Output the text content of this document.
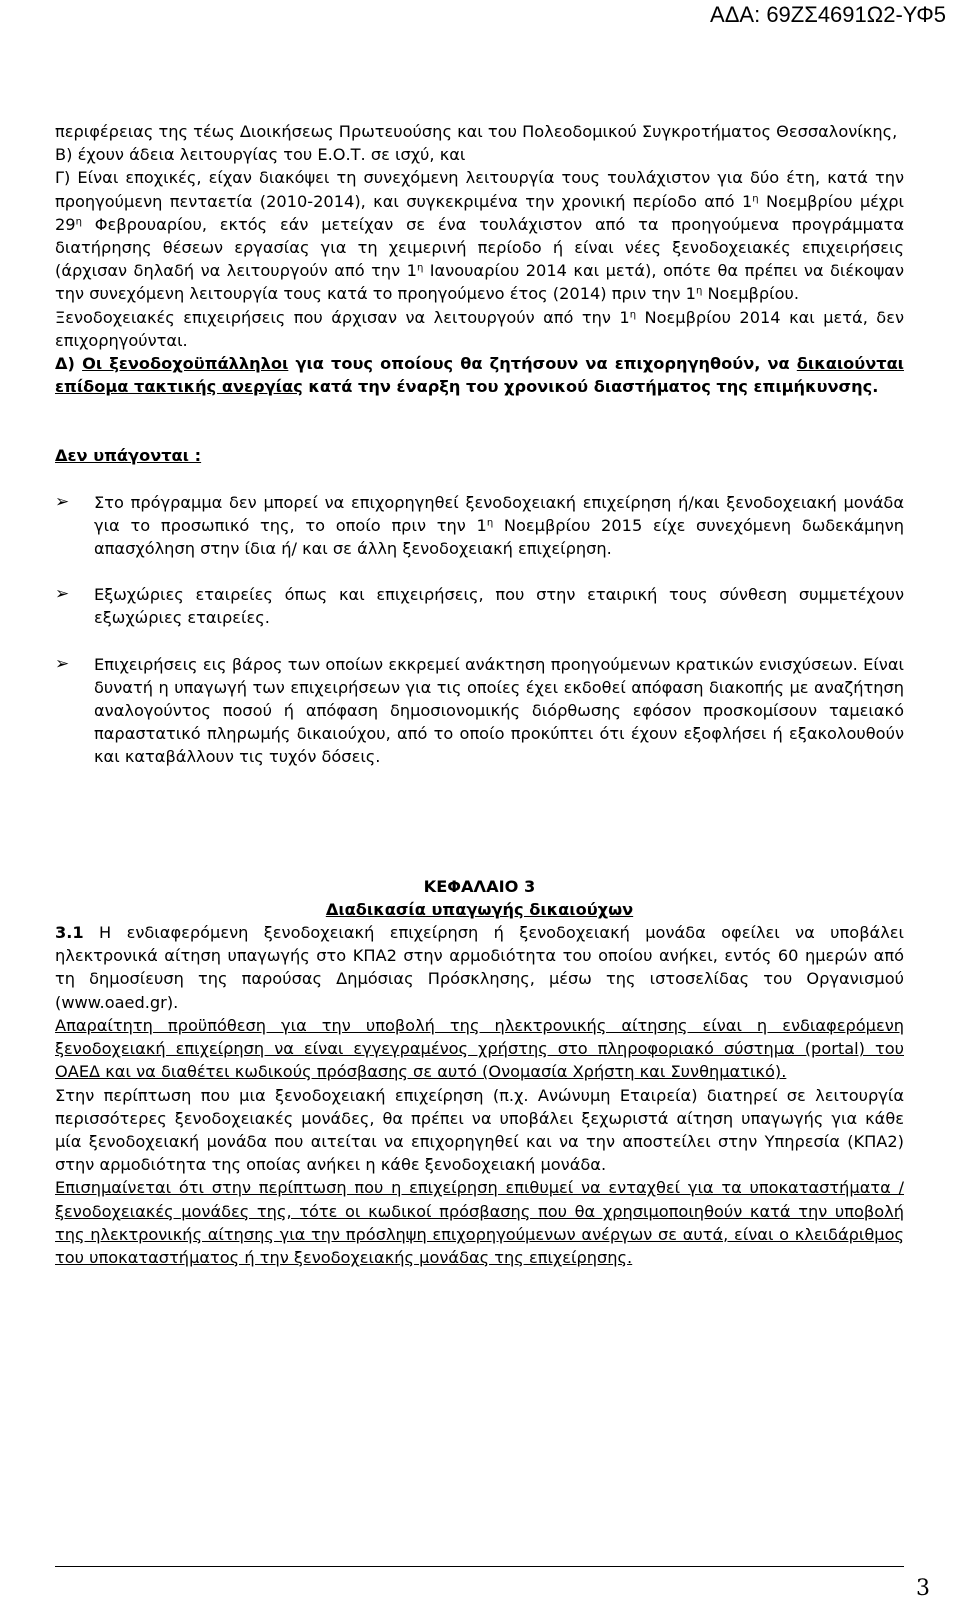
ΑΔΑ: 69ΖΣ4691Ω2-ΥΦ5

περιφέρειας της τέως Διοικήσεως Πρωτευούσης και του Πολεοδομικού Συγκροτήματος Θεσσαλονίκης,

Β) έχουν άδεια λειτουργίας του Ε.Ο.Τ. σε ισχύ, και

Γ) Είναι εποχικές, είχαν διακόψει τη συνεχόμενη λειτουργία τους τουλάχιστον για δύο έτη, κατά την προηγούμενη πενταετία (2010-2014), και συγκεκριμένα την χρονική περίοδο από $1^\eta$ Νοεμβρίου μέχρι $29^\eta$ Φεβρουαρίου, εκτός εάν μετείχαν σε ένα τουλάχιστον από τα προηγούμενα προγράμματα διατήρησης θέσεων εργασίας για τη χειμερινή περίοδο ή είναι νέες ξενοδοχειακές επιχειρήσεις (άρχισαν δηλαδή να λειτουργούν από την $1^\eta$ Ιανουαρίου 2014 και μετά), οπότε θα πρέπει να διέκοψαν την συνεχόμενη λειτουργία τους κατά το προηγούμενο έτος (2014) πριν την $1^\eta$ Νοεμβρίου.

Ξενοδοχειακές επιχειρήσεις που άρχισαν να λειτουργούν από την $1^\eta$ Νοεμβρίου 2014 και μετά, δεν επιχορηγούνται.

Δ) Οι ξενοδοχοϋπάλληλοι για τους οποίους θα ζητήσουν να επιχορηγηθούν, να δικαιούνται επίδομα τακτικής ανεργίας κατά την έναρξη του χρονικού διαστήματος της επιμήκυνσης.

Δεν υπάγονται :

➢	Στο πρόγραμμα δεν μπορεί να επιχορηγηθεί ξενοδοχειακή επιχείρηση ή/και ξενοδοχειακή μονάδα για το προσωπικό της, το οποίο πριν την $1^\eta$ Νοεμβρίου 2015 είχε συνεχόμενη δωδεκάμηνη απασχόληση στην ίδια ή/ και σε άλλη ξενοδοχειακή επιχείρηση.

➢	Εξωχώριες εταιρείες όπως και επιχειρήσεις, που στην εταιρική τους σύνθεση συμμετέχουν εξωχώριες εταιρείες.

➢	Επιχειρήσεις εις βάρος των οποίων εκκρεμεί ανάκτηση προηγούμενων κρατικών ενισχύσεων. Είναι δυνατή η υπαγωγή των επιχειρήσεων για τις οποίες έχει εκδοθεί απόφαση διακοπής με αναζήτηση αναλογούντος ποσού ή απόφαση δημοσιονομικής διόρθωσης εφόσον προσκομίσουν ταμειακό παραστατικό πληρωμής δικαιούχου, από το οποίο προκύπτει ότι έχουν εξοφλήσει ή εξακολουθούν και καταβάλλουν τις τυχόν δόσεις.

ΚΕΦΑΛΑΙΟ 3

Διαδικασία υπαγωγής δικαιούχων

3.1 Η ενδιαφερόμενη ξενοδοχειακή επιχείρηση ή ξενοδοχειακή μονάδα οφείλει να υποβάλει ηλεκτρονικά αίτηση υπαγωγής στο ΚΠΑ2 στην αρμοδιότητα του οποίου ανήκει, εντός 60 ημερών από τη δημοσίευση της παρούσας Δημόσιας Πρόσκλησης, μέσω της ιστοσελίδας του Οργανισμού (www.oaed.gr).

Απαραίτητη προϋπόθεση για την υποβολή της ηλεκτρονικής αίτησης είναι η ενδιαφερόμενη ξενοδοχειακή επιχείρηση να είναι εγγεγραμένος χρήστης στο πληροφοριακό σύστημα (portal) του ΟΑΕΔ και να διαθέτει κωδικούς πρόσβασης σε αυτό (Ονομασία Χρήστη και Συνθηματικό).

Στην περίπτωση που μια ξενοδοχειακή επιχείρηση (π.χ. Ανώνυμη Εταιρεία) διατηρεί σε λειτουργία περισσότερες ξενοδοχειακές μονάδες, θα πρέπει να υποβάλει ξεχωριστά αίτηση υπαγωγής για κάθε μία ξενοδοχειακή μονάδα που αιτείται να επιχορηγηθεί και να την αποστείλει στην Υπηρεσία (ΚΠΑ2) στην αρμοδιότητα της οποίας ανήκει η κάθε ξενοδοχειακή μονάδα.

Επισημαίνεται ότι στην περίπτωση που η επιχείρηση επιθυμεί να ενταχθεί για τα υποκαταστήματα / ξενοδοχειακές μονάδες της, τότε οι κωδικοί πρόσβασης που θα χρησιμοποιηθούν κατά την υποβολή της ηλεκτρονικής αίτησης για την πρόσληψη επιχορηγούμενων ανέργων σε αυτά, είναι ο κλειδάριθμος του υποκαταστήματος ή την ξενοδοχειακής μονάδας της επιχείρησης.

3
